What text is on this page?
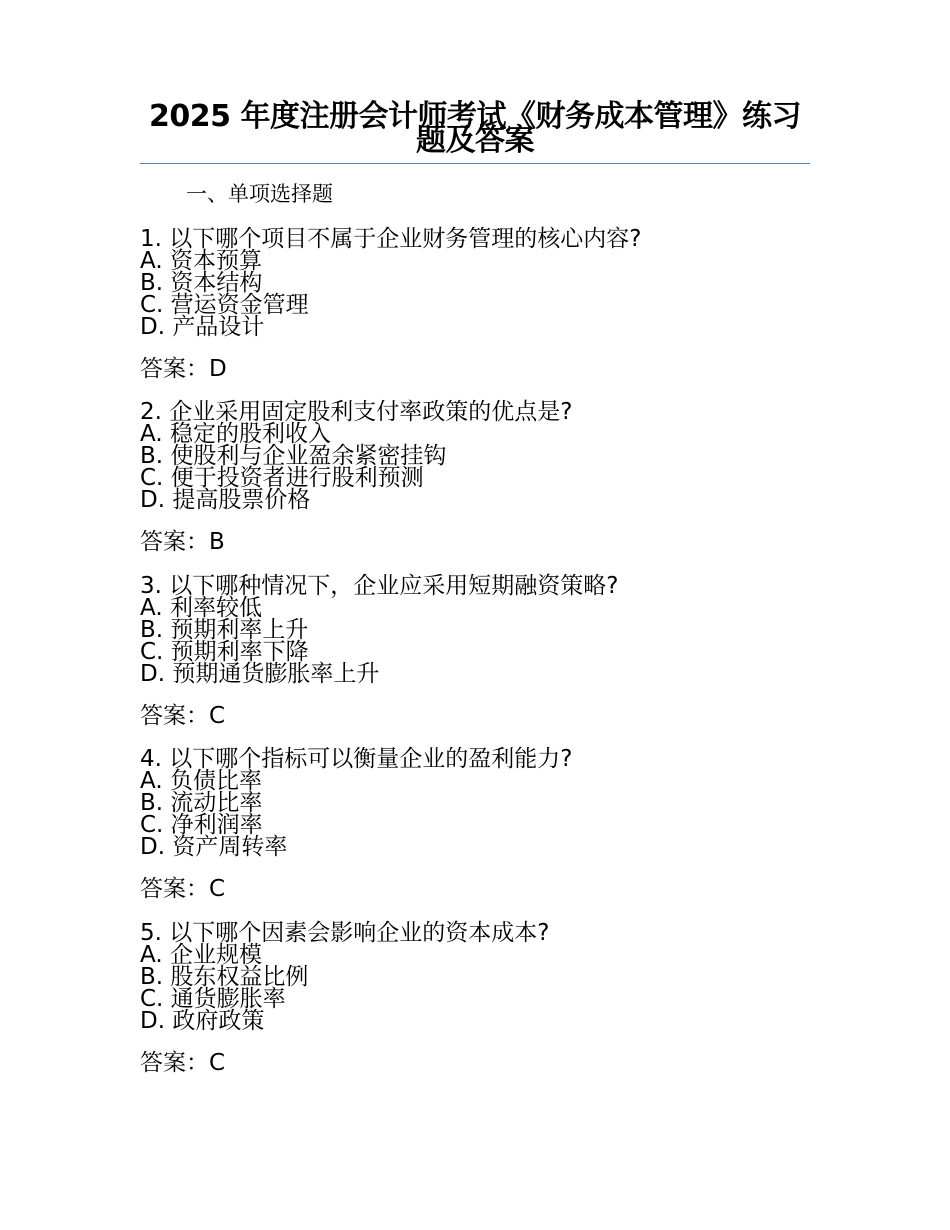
2025 年度注册会计师考试《财务成本管理》练习题及答案
一、单项选择题

1. 以下哪个项目不属于企业财务管理的核心内容?

A. 资本预算

B. 资本结构

C. 营运资金管理

D. 产品设计

答案：D

2. 企业采用固定股利支付率政策的优点是?

A. 稳定的股利收入

B. 使股利与企业盈余紧密挂钩

C. 便于投资者进行股利预测

D. 提高股票价格

答案：B

3. 以下哪种情况下，企业应采用短期融资策略?

A. 利率较低

B. 预期利率上升

C. 预期利率下降

D. 预期通货膨胀率上升

答案：C

4. 以下哪个指标可以衡量企业的盈利能力?

A. 负债比率

B. 流动比率

C. 净利润率

D. 资产周转率

答案：C

5. 以下哪个因素会影响企业的资本成本?

A. 企业规模

B. 股东权益比例

C. 通货膨胀率

D. 政府政策

答案：C
